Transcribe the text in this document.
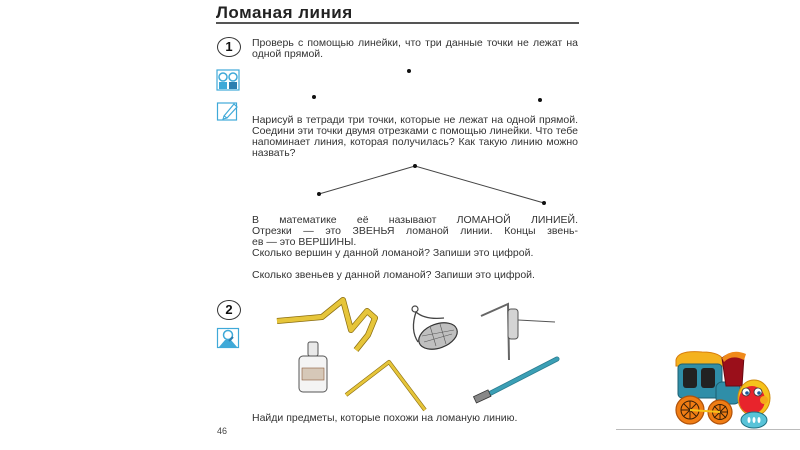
Ломаная линия
1	Проверь с помощью линейки, что три данные точки не лежат на одной прямой.
Нарисуй в тетради три точки, которые не лежат на одной прямой. Соедини эти точки двумя отрезками с помощью линейки. Что тебе напоминает линия, которая получилась? Как такую линию можно назвать?
В математике её называют ЛОМАНОЙ ЛИНИЕЙ.
Отрезки — это ЗВЕНЬЯ ломаной линии. Концы звень-
ев — это ВЕРШИНЫ.
Сколько вершин у данной ломаной? Запиши это цифрой.
Сколько звеньев у данной ломаной? Запиши это цифрой.
2
Найди предметы, которые похожи на ломаную линию.
46
